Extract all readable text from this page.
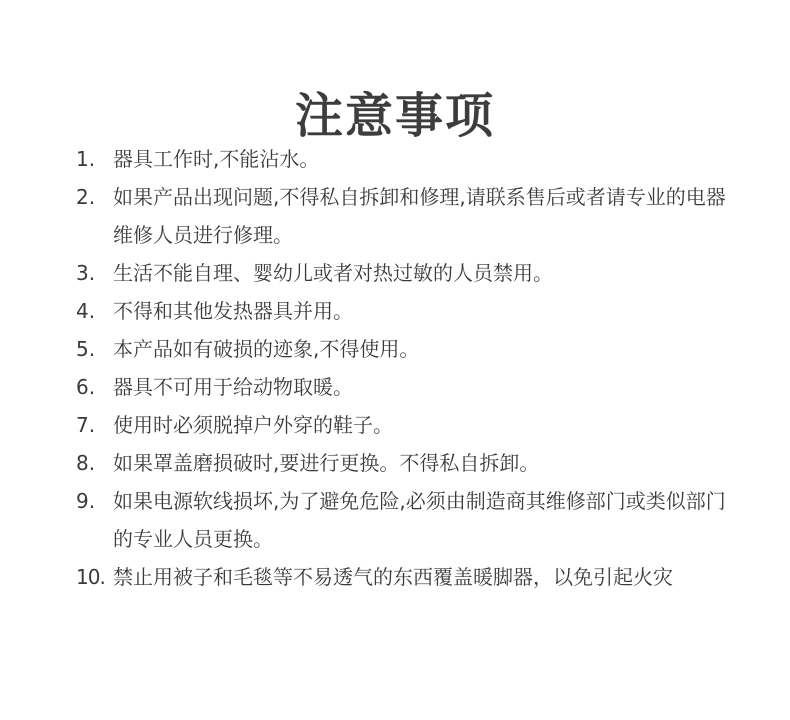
注意事项
1. 器具工作时,不能沾水。
2. 如果产品出现问题,不得私自拆卸和修理,请联系售后或者请专业的电器维修人员进行修理。
3. 生活不能自理、婴幼儿或者对热过敏的人员禁用。
4. 不得和其他发热器具并用。
5. 本产品如有破损的迹象,不得使用。
6. 器具不可用于给动物取暖。
7. 使用时必须脱掉户外穿的鞋子。
8. 如果罩盖磨损破时,要进行更换。不得私自拆卸。
9. 如果电源软线损坏,为了避免危险,必须由制造商其维修部门或类似部门的专业人员更换。
10. 禁止用被子和毛毯等不易透气的东西覆盖暖脚器，以免引起火灾
